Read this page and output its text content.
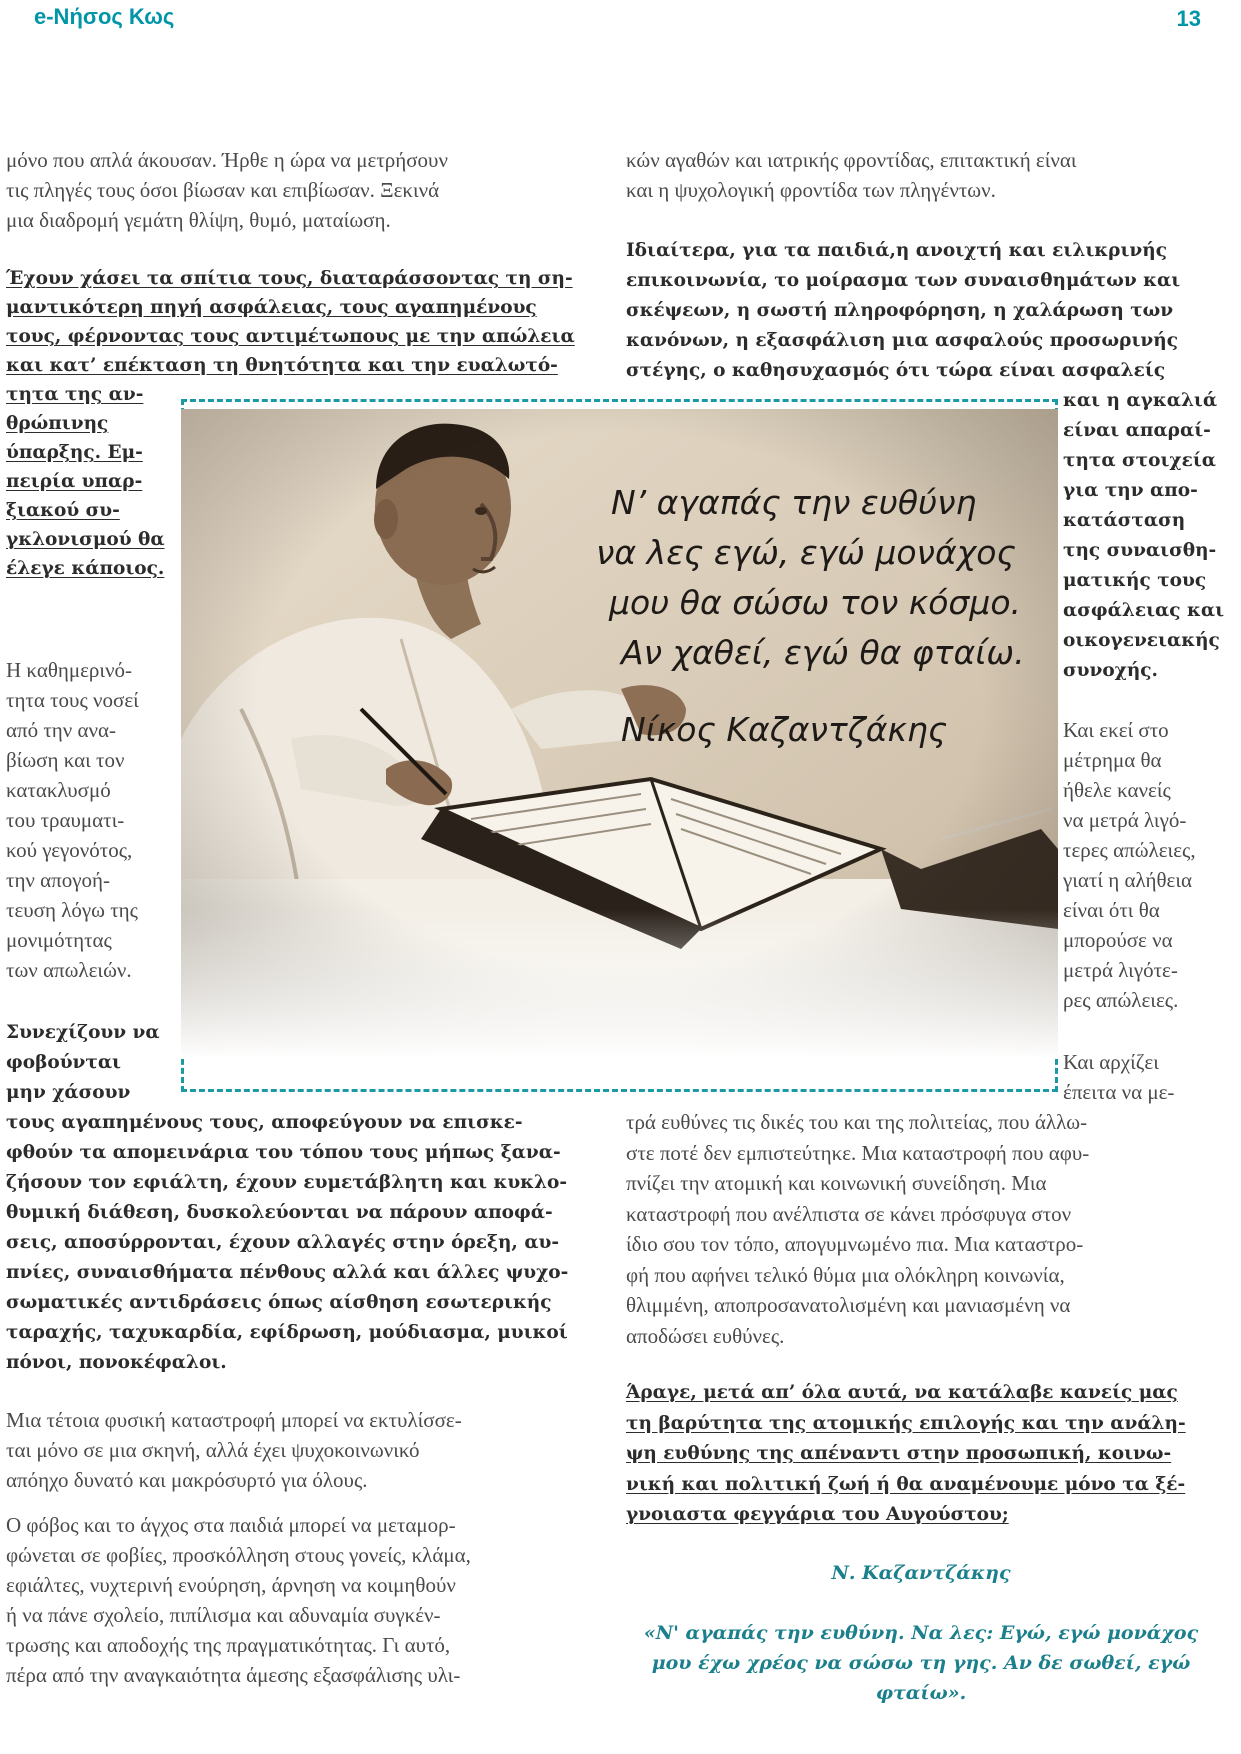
e-Νήσος Κως	13
μόνο που απλά άκουσαν. Ήρθε η ώρα να μετρήσουν
τις πληγές τους όσοι βίωσαν και επιβίωσαν. Ξεκινά
μια διαδρομή γεμάτη θλίψη, θυμό, ματαίωση.
Έχουν χάσει τα σπίτια τους, διαταράσσοντας τη ση-
μαντικότερη πηγή ασφάλειας, τους αγαπημένους
τους, φέρνοντας τους αντιμέτωπους με την απώλεια
και κατ’ επέκταση τη θνητότητα και την ευαλωτό-
τητα της αν-
θρώπινης
ύπαρξης. Εμ-
πειρία υπαρ-
ξιακού συ-
γκλονισμού θα
έλεγε κάποιος.
Η καθημερινό-
τητα τους νοσεί
από την ανα-
βίωση και τον
κατακλυσμό
του τραυματι-
κού γεγονότος,
την απογοή-
τευση λόγω της
μονιμότητας
των απωλειών.
Συνεχίζουν να
φοβούνται
μην χάσουν
τους αγαπημένους τους, αποφεύγουν να επισκε-
φθούν τα απομεινάρια του τόπου τους μήπως ξανα-
ζήσουν τον εφιάλτη, έχουν ευμετάβλητη και κυκλο-
θυμική διάθεση, δυσκολεύονται να πάρουν αποφά-
σεις, αποσύρρονται, έχουν αλλαγές στην όρεξη, αυ-
πνίες, συναισθήματα πένθους αλλά και άλλες ψυχο-
σωματικές αντιδράσεις όπως αίσθηση εσωτερικής
ταραχής, ταχυκαρδία, εφίδρωση, μούδιασμα, μυικοί
πόνοι, πονοκέφαλοι.
Μια τέτοια φυσική καταστροφή μπορεί να εκτυλίσσε-
ται μόνο σε μια σκηνή, αλλά έχει ψυχοκοινωνικό
απόηχο δυνατό και μακρόσυρτό για όλους.
Ο φόβος και το άγχος στα παιδιά μπορεί να μεταμορ-
φώνεται σε φοβίες, προσκόλληση στους γονείς, κλάμα,
εφιάλτες, νυχτερινή ενούρηση, άρνηση να κοιμηθούν
ή να πάνε σχολείο, πιπίλισμα και αδυναμία συγκέν-
τρωσης και αποδοχής της πραγματικότητας. Γι αυτό,
πέρα από την αναγκαιότητα άμεσης εξασφάλισης υλι-
κών αγαθών και ιατρικής φροντίδας, επιτακτική είναι
και η ψυχολογική φροντίδα των πληγέντων.
Ιδιαίτερα, για τα παιδιά,η ανοιχτή και ειλικρινής
επικοινωνία, το μοίρασμα των συναισθημάτων και
σκέψεων, η σωστή πληροφόρηση, η χαλάρωση των
κανόνων, η εξασφάλιση μια ασφαλούς προσωρινής
στέγης, ο καθησυχασμός ότι τώρα είναι ασφαλείς
και η αγκαλιά
είναι απαραί-
τητα στοιχεία
για την απο-
κατάσταση
της συναισθη-
ματικής τους
ασφάλειας και
οικογενειακής
συνοχής.
Και εκεί στο
μέτρημα θα
ήθελε κανείς
να μετρά λιγό-
τερες απώλειες,
γιατί η αλήθεια
είναι ότι θα
μπορούσε να
μετρά λιγότε-
ρες απώλειες.
Και αρχίζει
έπειτα να με-
τρά ευθύνες τις δικές του και της πολιτείας, που άλλω-
στε ποτέ δεν εμπιστεύτηκε. Μια καταστροφή που αφυ-
πνίζει την ατομική και κοινωνική συνείδηση. Μια
καταστροφή που ανέλπιστα σε κάνει πρόσφυγα στον
ίδιο σου τον τόπο, απογυμνωμένο πια. Μια καταστρο-
φή που αφήνει τελικό θύμα μια ολόκληρη κοινωνία,
θλιμμένη, αποπροσανατολισμένη και μανιασμένη να
αποδώσει ευθύνες.
Άραγε, μετά απ’ όλα αυτά, να κατάλαβε κανείς μας
τη βαρύτητα της ατομικής επιλογής και την ανάλη-
ψη ευθύνης της απέναντι στην προσωπική, κοινω-
νική και πολιτική ζωή ή θα αναμένουμε μόνο τα ξέ-
γνοιαστα φεγγάρια του Αυγούστου;
Ν. Καζαντζάκης
«Ν' αγαπάς την ευθύνη. Να λες: Εγώ, εγώ μονάχος
μου έχω χρέος να σώσω τη γης. Αν δε σωθεί, εγώ
φταίω».
Ν’ αγαπάς την ευθύνη
να λες εγώ, εγώ μονάχος
μου θα σώσω τον κόσμο.
Αν χαθεί, εγώ θα φταίω.
Νίκος Καζαντζάκης
